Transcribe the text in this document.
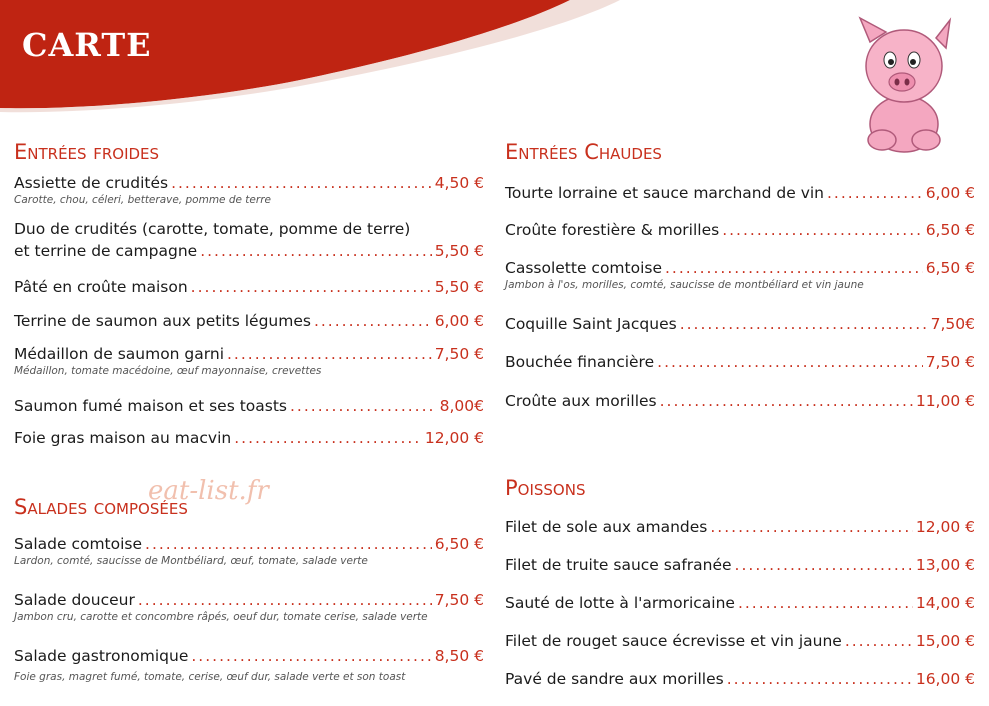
CARTE
Entrées froides
Assiette de crudités .....	4,50 €
Carotte, chou, céleri, betterave, pomme de terre
Duo de crudités (carotte, tomate, pomme de terre)
et terrine de campagne .....	5,50 €
Pâté en croûte maison .....	5,50 €
Terrine de saumon aux petits légumes .....	6,00 €
Médaillon de saumon garni .....	7,50 €
Médaillon, tomate macédoine, œuf mayonnaise, crevettes
Saumon fumé maison et ses toasts .....	8,00€
Foie gras maison au macvin .....	12,00 €
Salades composées
Salade comtoise .....	6,50 €
Lardon, comté, saucisse de Montbéliard, œuf, tomate, salade verte
Salade douceur .....	7,50 €
Jambon cru, carotte et concombre râpés, oeuf dur, tomate cerise, salade verte
Salade gastronomique .....	8,50 €
Foie gras, magret fumé, tomate, cerise, œuf dur, salade verte et son toast
Entrées Chaudes
Tourte lorraine et sauce marchand de vin .....	6,00 €
Croûte forestière & morilles .....	6,50 €
Cassolette comtoise .....	6,50 €
Jambon à l'os, morilles, comté, saucisse de montbéliard et vin jaune
Coquille Saint Jacques .....	7,50€
Bouchée financière .....	7,50 €
Croûte aux morilles .....	11,00 €
Poissons
Filet de sole aux amandes .....	12,00 €
Filet de truite sauce safranée .....	13,00 €
Sauté de lotte à l'armoricaine .....	14,00 €
Filet de rouget sauce écrevisse et vin jaune .....	15,00 €
Pavé de sandre aux morilles .....	16,00 €
eat-list.fr
